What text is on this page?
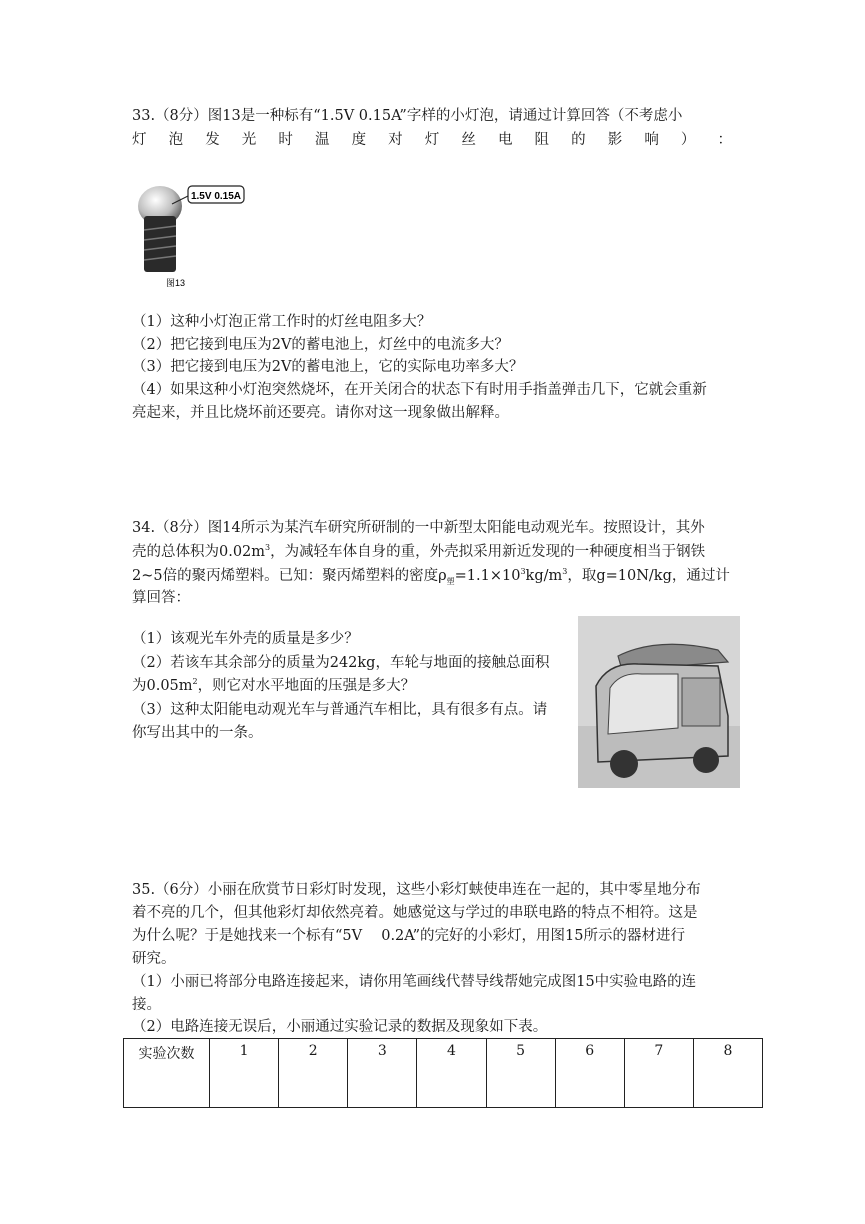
33.（8分）图13是一种标有“1.5V 0.15A”字样的小灯泡，请通过计算回答（不考虑小
灯 泡 发 光 时 温 度 对 灯 丝 电 阻 的 影 响 ） ：
1.5V 0.15A
图13
（1）这种小灯泡正常工作时的灯丝电阻多大？
（2）把它接到电压为2V的蓄电池上，灯丝中的电流多大？
（3）把它接到电压为2V的蓄电池上，它的实际电功率多大？
（4）如果这种小灯泡突然烧坏，在开关闭合的状态下有时用手指盖弹击几下，它就会重新
亮起来，并且比烧坏前还要亮。请你对这一现象做出解释。
34.（8分）图14所示为某汽车研究所研制的一中新型太阳能电动观光车。按照设计，其外
壳的总体积为$0.02m^3$，为减轻车体自身的重，外壳拟采用新近发现的一种硬度相当于钢铁
2~5倍的聚丙烯塑料。已知：聚丙烯塑料的密度$\rho_塑=1.1\times 10^3kg/m^3$，取g=10N/kg，通过计
算回答：
（1）该观光车外壳的质量是多少？
（2）若该车其余部分的质量为242kg，车轮与地面的接触总面积
为$0.05m^2$，则它对水平地面的压强是多大？
（3）这种太阳能电动观光车与普通汽车相比，具有很多有点。请
你写出其中的一条。
35.（6分）小丽在欣赏节日彩灯时发现，这些小彩灯蛱使串连在一起的，其中零星地分布
着不亮的几个，但其他彩灯却依然亮着。她感觉这与学过的串联电路的特点不相符。这是
为什么呢？于是她找来一个标有“5V　 0.2A”的完好的小彩灯，用图15所示的器材进行
研究。
（1）小丽已将部分电路连接起来，请你用笔画线代替导线帮她完成图15中实验电路的连
接。
（2）电路连接无误后，小丽通过实验记录的数据及现象如下表。
实验次数	1	2	3	4	5	6	7	8
